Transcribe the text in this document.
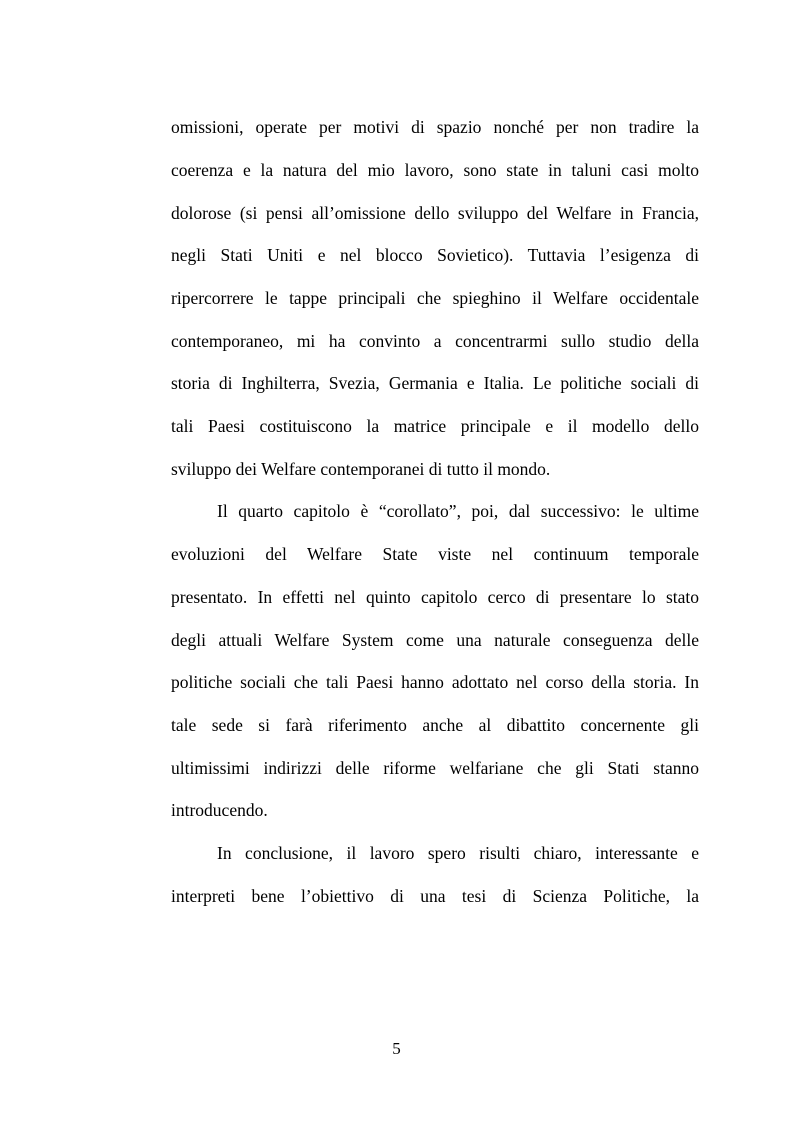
omissioni, operate per motivi di spazio nonché per non tradire la
coerenza e la natura del mio lavoro, sono state in taluni casi molto
dolorose (si pensi all’omissione dello sviluppo del Welfare in Francia,
negli Stati Uniti e nel blocco Sovietico). Tuttavia l’esigenza di
ripercorrere le tappe principali che spieghino il Welfare occidentale
contemporaneo, mi ha convinto a concentrarmi sullo studio della
storia di Inghilterra, Svezia, Germania e Italia. Le politiche sociali di
tali Paesi costituiscono la matrice principale e il modello dello
sviluppo dei Welfare contemporanei di tutto il mondo.
Il quarto capitolo è “corollato”, poi, dal successivo: le ultime
evoluzioni del Welfare State viste nel continuum temporale
presentato. In effetti nel quinto capitolo cerco di presentare lo stato
degli attuali Welfare System come una naturale conseguenza delle
politiche sociali che tali Paesi hanno adottato nel corso della storia. In
tale sede si farà riferimento anche al dibattito concernente gli
ultimissimi indirizzi delle riforme welfariane che gli Stati stanno
introducendo.
In conclusione, il lavoro spero risulti chiaro, interessante e
interpreti bene l’obiettivo di una tesi di Scienza Politiche, la
5
